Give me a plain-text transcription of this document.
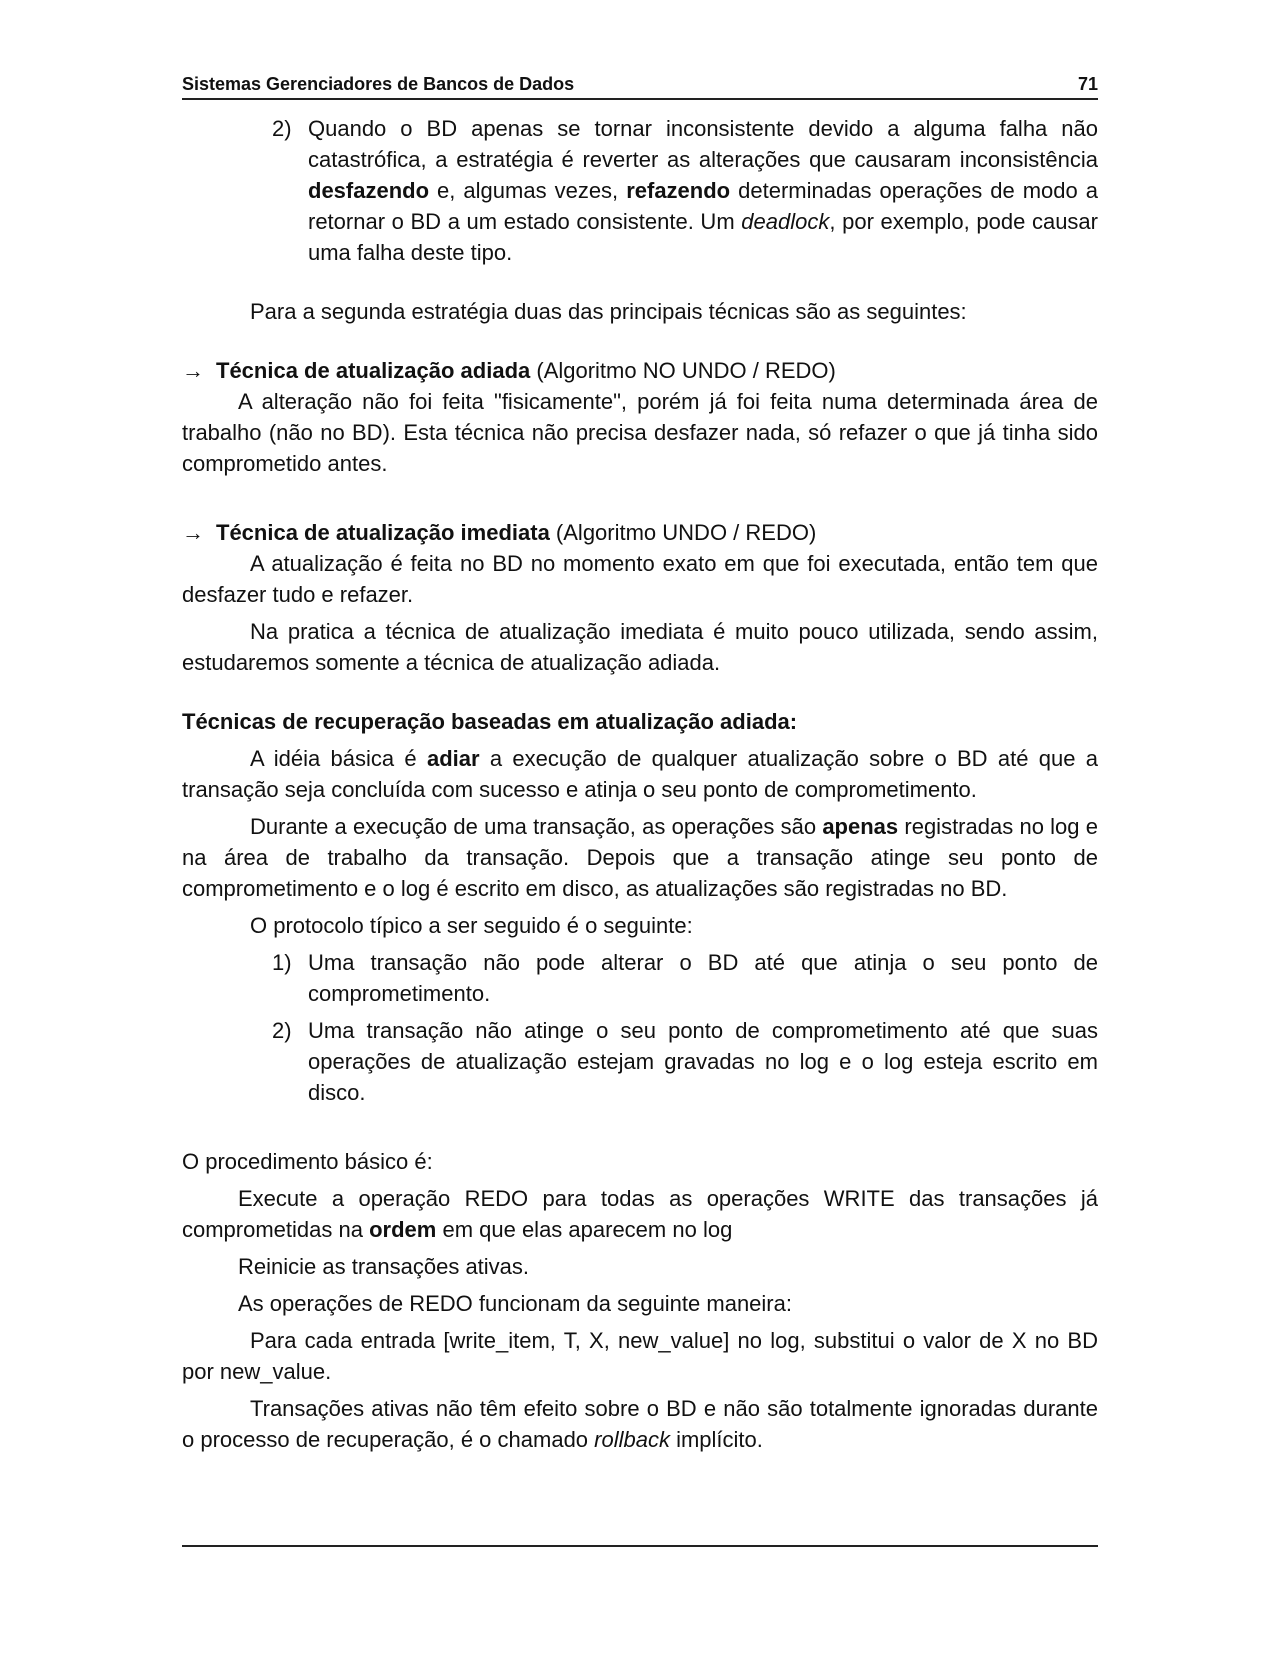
Sistemas Gerenciadores de Bancos de Dados	71
2) Quando o BD apenas se tornar inconsistente devido a alguma falha não catastrófica, a estratégia é reverter as alterações que causaram inconsistência desfazendo e, algumas vezes, refazendo determinadas operações de modo a retornar o BD a um estado consistente. Um deadlock, por exemplo, pode causar uma falha deste tipo.

Para a segunda estratégia duas das principais técnicas são as seguintes:

→ Técnica de atualização adiada (Algoritmo NO UNDO / REDO)

A alteração não foi feita "fisicamente", porém já foi feita numa determinada área de trabalho (não no BD). Esta técnica não precisa desfazer nada, só refazer o que já tinha sido comprometido antes.

→ Técnica de atualização imediata (Algoritmo UNDO / REDO)

A atualização é feita no BD no momento exato em que foi executada, então tem que desfazer tudo e refazer.

Na pratica a técnica de atualização imediata é muito pouco utilizada, sendo assim, estudaremos somente a técnica de atualização adiada.

Técnicas de recuperação baseadas em atualização adiada:

A idéia básica é adiar a execução de qualquer atualização sobre o BD até que a transação seja concluída com sucesso e atinja o seu ponto de comprometimento.

Durante a execução de uma transação, as operações são apenas registradas no log e na área de trabalho da transação. Depois que a transação atinge seu ponto de comprometimento e o log é escrito em disco, as atualizações são registradas no BD.

O protocolo típico a ser seguido é o seguinte:

1) Uma transação não pode alterar o BD até que atinja o seu ponto de comprometimento.
2) Uma transação não atinge o seu ponto de comprometimento até que suas operações de atualização estejam gravadas no log e o log esteja escrito em disco.

O procedimento básico é:

Execute a operação REDO para todas as operações WRITE das transações já comprometidas na ordem em que elas aparecem no log

Reinicie as transações ativas.

As operações de REDO funcionam da seguinte maneira:

Para cada entrada [write_item, T, X, new_value] no log, substitui o valor de X no BD por new_value.

Transações ativas não têm efeito sobre o BD e não são totalmente ignoradas durante o processo de recuperação, é o chamado rollback implícito.
